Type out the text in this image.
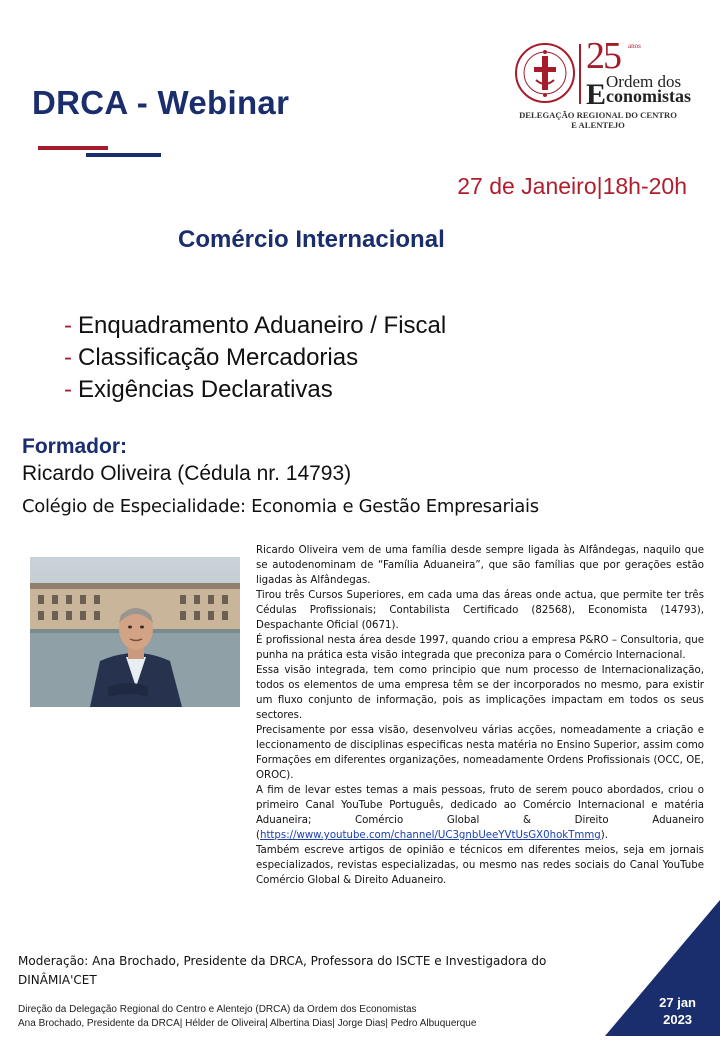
DRCA - Webinar
25 anos
Ordem dos
E conomistas
DELEGAÇÃO REGIONAL DO CENTRO
E ALENTEJO
27 de Janeiro|18h-20h
Comércio Internacional
- Enquadramento Aduaneiro / Fiscal
- Classificação Mercadorias
- Exigências Declarativas
Formador:
Ricardo Oliveira (Cédula nr. 14793)
Colégio de Especialidade: Economia e Gestão Empresariais

Ricardo Oliveira vem de uma família desde sempre ligada às Alfândegas, naquilo que se autodenominam de “Família Aduaneira”, que são famílias que por gerações estão ligadas às Alfândegas.

Tirou três Cursos Superiores, em cada uma das áreas onde actua, que permite ter três Cédulas Profissionais; Contabilista Certificado (82568), Economista (14793), Despachante Oficial (0671).

É profissional nesta área desde 1997, quando criou a empresa P&RO – Consultoria, que punha na prática esta visão integrada que preconiza para o Comércio Internacional.

Essa visão integrada, tem como principio que num processo de Internacionalização, todos os elementos de uma empresa têm se der incorporados no mesmo, para existir um fluxo conjunto de informação, pois as implicações impactam em todos os seus sectores.

Precisamente por essa visão, desenvolveu várias acções, nomeadamente a criação e leccionamento de disciplinas especificas nesta matéria no Ensino Superior, assim como Formações em diferentes organizações, nomeadamente Ordens Profissionais (OCC, OE, OROC).

A fim de levar estes temas a mais pessoas, fruto de serem pouco abordados, criou o primeiro Canal YouTube Português, dedicado ao Comércio Internacional e matéria Aduaneira; Comércio Global & Direito Aduaneiro (https://www.youtube.com/channel/UC3gnbUeeYVtUsGX0hokTmmg).

Também escreve artigos de opinião e técnicos em diferentes meios, seja em jornais especializados, revistas especializadas, ou mesmo nas redes sociais do Canal YouTube Comércio Global & Direito Aduaneiro.

Moderação: Ana Brochado, Presidente da DRCA, Professora do ISCTE e Investigadora do DINÂMIA'CET
Direção da Delegação Regional do Centro e Alentejo (DRCA) da Ordem dos Economistas
Ana Brochado, Presidente da DRCA| Hélder de Oliveira| Albertina Dias| Jorge Dias| Pedro Albuquerque
27 jan
2023
